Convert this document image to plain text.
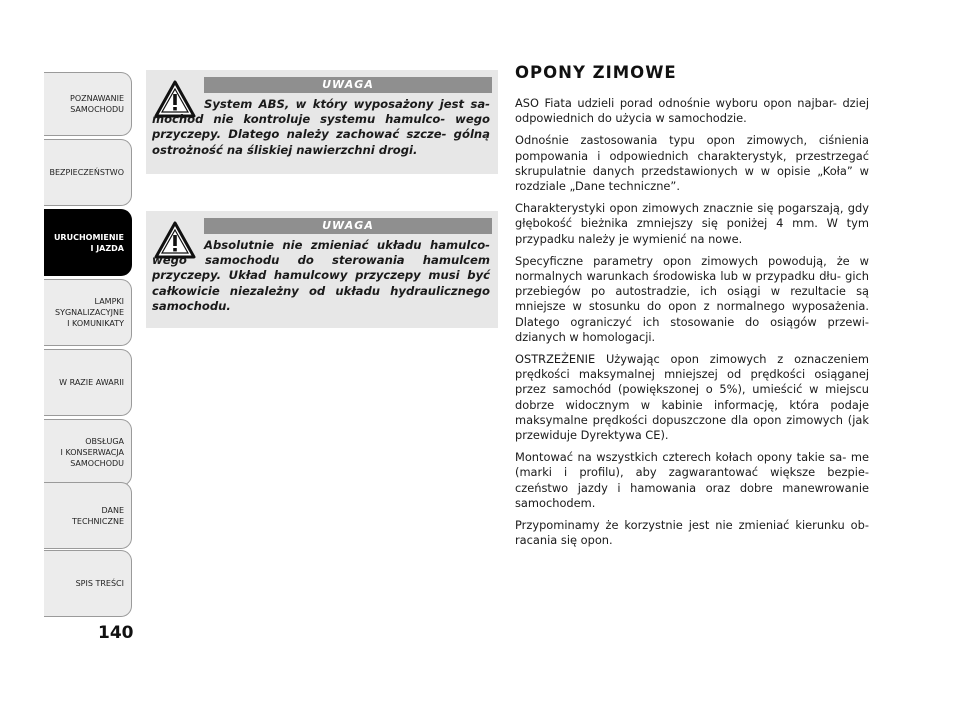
POZNAWANIE
SAMOCHODU
BEZPIECZEŃSTWO
URUCHOMIENIE
I JAZDA
LAMPKI
SYGNALIZACYJNE
I KOMUNIKATY
W RAZIE AWARII
OBSŁUGA
I KONSERWACJA
SAMOCHODU
DANE
TECHNICZNE
SPIS TREŚCI
140
UWAGA
System ABS, w który wyposażony jest sa- mochód nie kontroluje systemu hamulco- wego przyczepy. Dlatego należy zachować szcze- gólną ostrożność na śliskiej nawierzchni drogi.
UWAGA
Absolutnie nie zmieniać układu hamulco- wego samochodu do sterowania hamulcem przyczepy. Układ hamulcowy przyczepy musi być całkowicie niezależny od układu hydraulicznego samochodu.
OPONY ZIMOWE

ASO Fiata udzieli porad odnośnie wyboru opon najbar- dziej odpowiednich do użycia w samochodzie.

Odnośnie zastosowania typu opon zimowych, ciśnienia pompowania i odpowiednich charakterystyk, przestrzegać skrupulatnie danych przedstawionych w w opisie „Koła” w rozdziale „Dane techniczne”.

Charakterystyki opon zimowych znacznie się pogarszają, gdy głębokość bieżnika zmniejszy się poniżej 4 mm. W tym przypadku należy je wymienić na nowe.

Specyficzne parametry opon zimowych powodują, że w normalnych warunkach środowiska lub w przypadku dłu- gich przebiegów po autostradzie, ich osiągi w rezultacie są mniejsze w stosunku do opon z normalnego wyposażenia. Dlatego ograniczyć ich stosowanie do osiągów przewi- dzianych w homologacji.

OSTRZEŻENIE Używając opon zimowych z oznaczeniem prędkości maksymalnej mniejszej od prędkości osiąganej przez samochód (powiększonej o 5%), umieścić w miejscu dobrze widocznym w kabinie informację, która podaje maksymalne prędkości dopuszczone dla opon zimowych (jak przewiduje Dyrektywa CE).

Montować na wszystkich czterech kołach opony takie sa- me (marki i profilu), aby zagwarantować większe bezpie- czeństwo jazdy i hamowania oraz dobre manewrowanie samochodem.

Przypominamy że korzystnie jest nie zmieniać kierunku ob- racania się opon.
